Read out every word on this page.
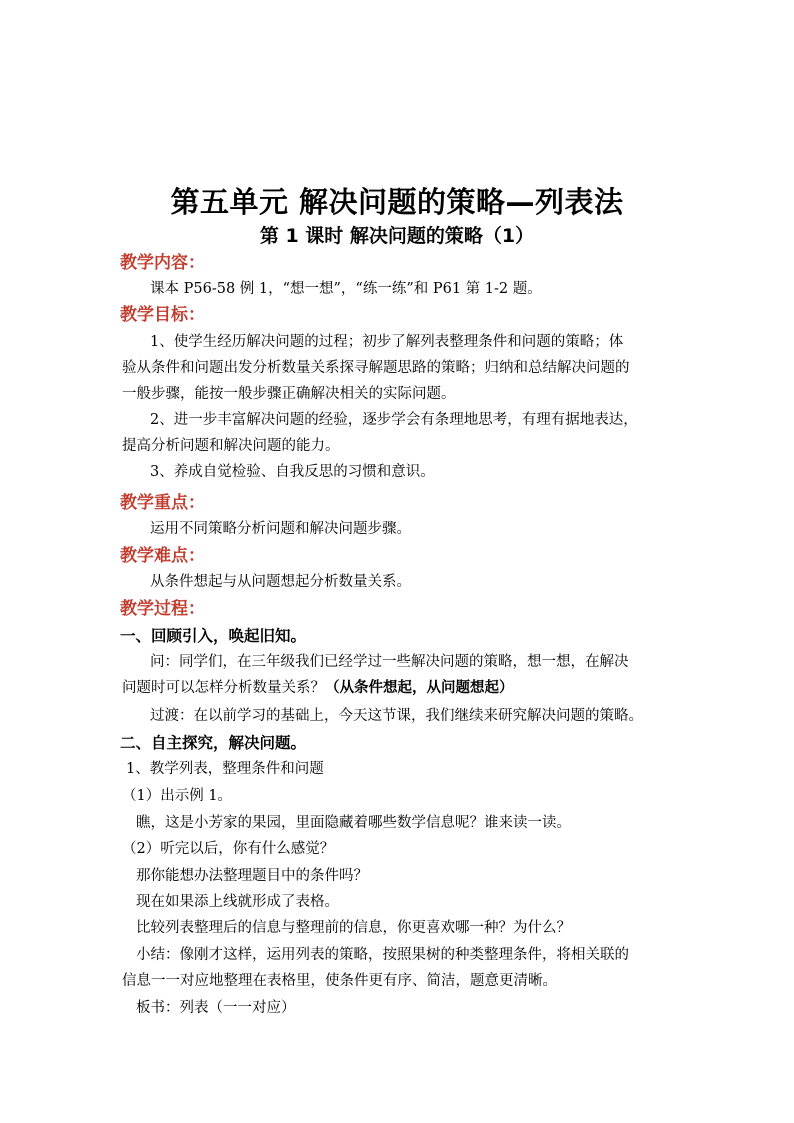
第五单元 解决问题的策略—列表法
第 1 课时 解决问题的策略（1）
教学内容：
课本 P56-58 例 1，“想一想”，“练一练”和 P61 第 1-2 题。
教学目标：
1、使学生经历解决问题的过程；初步了解列表整理条件和问题的策略；体
验从条件和问题出发分析数量关系探寻解题思路的策略；归纳和总结解决问题的
一般步骤，能按一般步骤正确解决相关的实际问题。
2、进一步丰富解决问题的经验，逐步学会有条理地思考，有理有据地表达，
提高分析问题和解决问题的能力。
3、养成自觉检验、自我反思的习惯和意识。
教学重点：
运用不同策略分析问题和解决问题步骤。
教学难点：
从条件想起与从问题想起分析数量关系。
教学过程：
一、回顾引入，唤起旧知。
问：同学们，在三年级我们已经学过一些解决问题的策略，想一想，在解决
问题时可以怎样分析数量关系？（从条件想起，从问题想起）
过渡：在以前学习的基础上，今天这节课，我们继续来研究解决问题的策略。
二、自主探究，解决问题。
1、教学列表，整理条件和问题
（1）出示例 1。
瞧，这是小芳家的果园，里面隐藏着哪些数学信息呢？谁来读一读。
（2）听完以后，你有什么感觉？
那你能想办法整理题目中的条件吗？
现在如果添上线就形成了表格。
比较列表整理后的信息与整理前的信息，你更喜欢哪一种？为什么？
小结：像刚才这样，运用列表的策略，按照果树的种类整理条件，将相关联的
信息一一对应地整理在表格里，使条件更有序、简洁，题意更清晰。
板书：列表（一一对应）
